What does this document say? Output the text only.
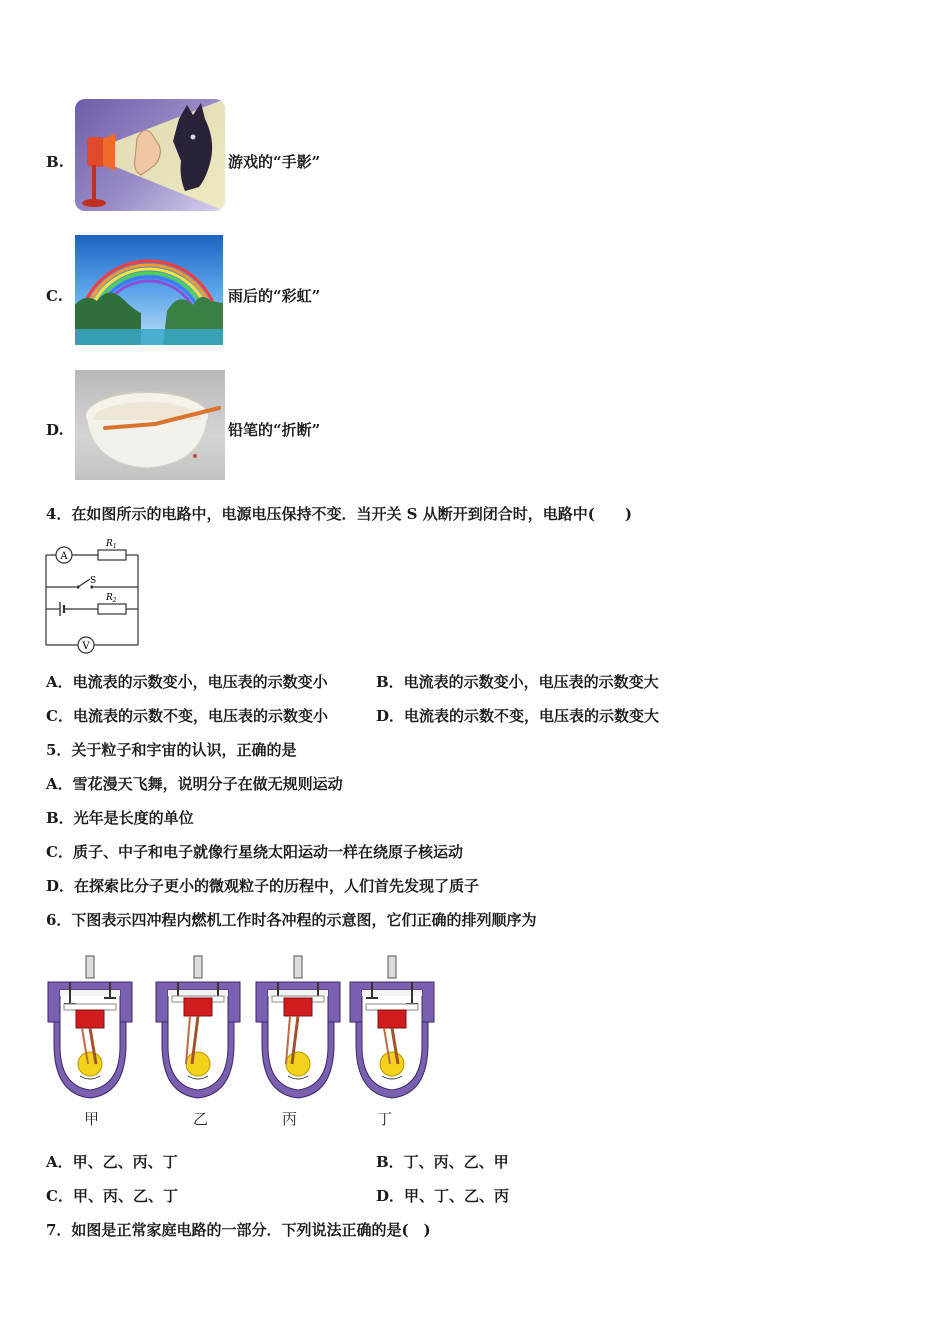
B.	游戏的“手影”
C.	雨后的“彩虹”
D.	铅笔的“折断”
4．在如图所示的电路中，电源电压保持不变．当开关 S 从断开到闭合时，电路中(　　)
A
$R_1$
S
$R_2$
V
A．电流表的示数变小，电压表的示数变小	B．电流表的示数变小，电压表的示数变大
C．电流表的示数不变，电压表的示数变小	D．电流表的示数不变，电压表的示数变大
5．关于粒子和宇宙的认识，正确的是
A．雪花漫天飞舞，说明分子在做无规则运动
B．光年是长度的单位
C．质子、中子和电子就像行星绕太阳运动一样在绕原子核运动
D．在探索比分子更小的微观粒子的历程中，人们首先发现了质子
6．下图表示四冲程内燃机工作时各冲程的示意图，它们正确的排列顺序为
甲	乙	丙	丁
A．甲、乙、丙、丁	B．丁、丙、乙、甲
C．甲、丙、乙、丁	D．甲、丁、乙、丙
7．如图是正常家庭电路的一部分．下列说法正确的是(　)
